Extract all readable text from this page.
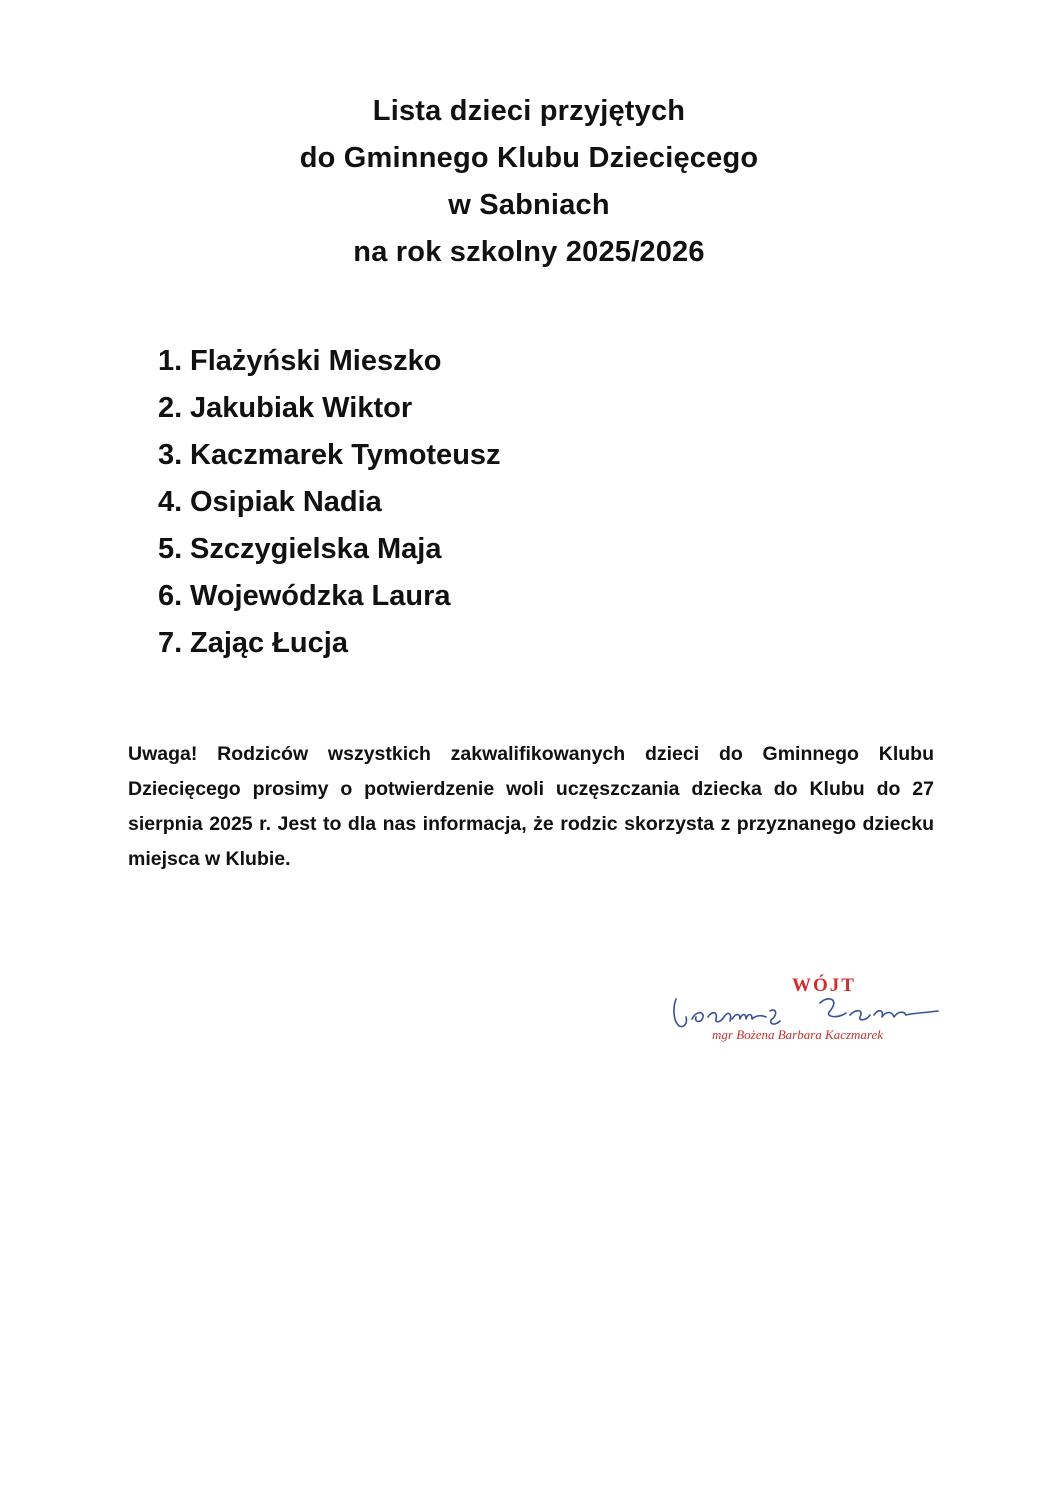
Lista dzieci przyjętych
do Gminnego Klubu Dziecięcego
w Sabniach
na rok szkolny 2025/2026
1. Flażyński Mieszko
2. Jakubiak Wiktor
3. Kaczmarek Tymoteusz
4. Osipiak Nadia
5. Szczygielska Maja
6. Wojewódzka Laura
7. Zając Łucja

Uwaga! Rodziców wszystkich zakwalifikowanych dzieci do Gminnego Klubu Dziecięcego prosimy o potwierdzenie woli uczęszczania dziecka do Klubu do 27 sierpnia 2025 r. Jest to dla nas informacja, że rodzic skorzysta z przyznanego dziecku miejsca w Klubie.

WÓJT
mgr Bożena Barbara Kaczmarek
